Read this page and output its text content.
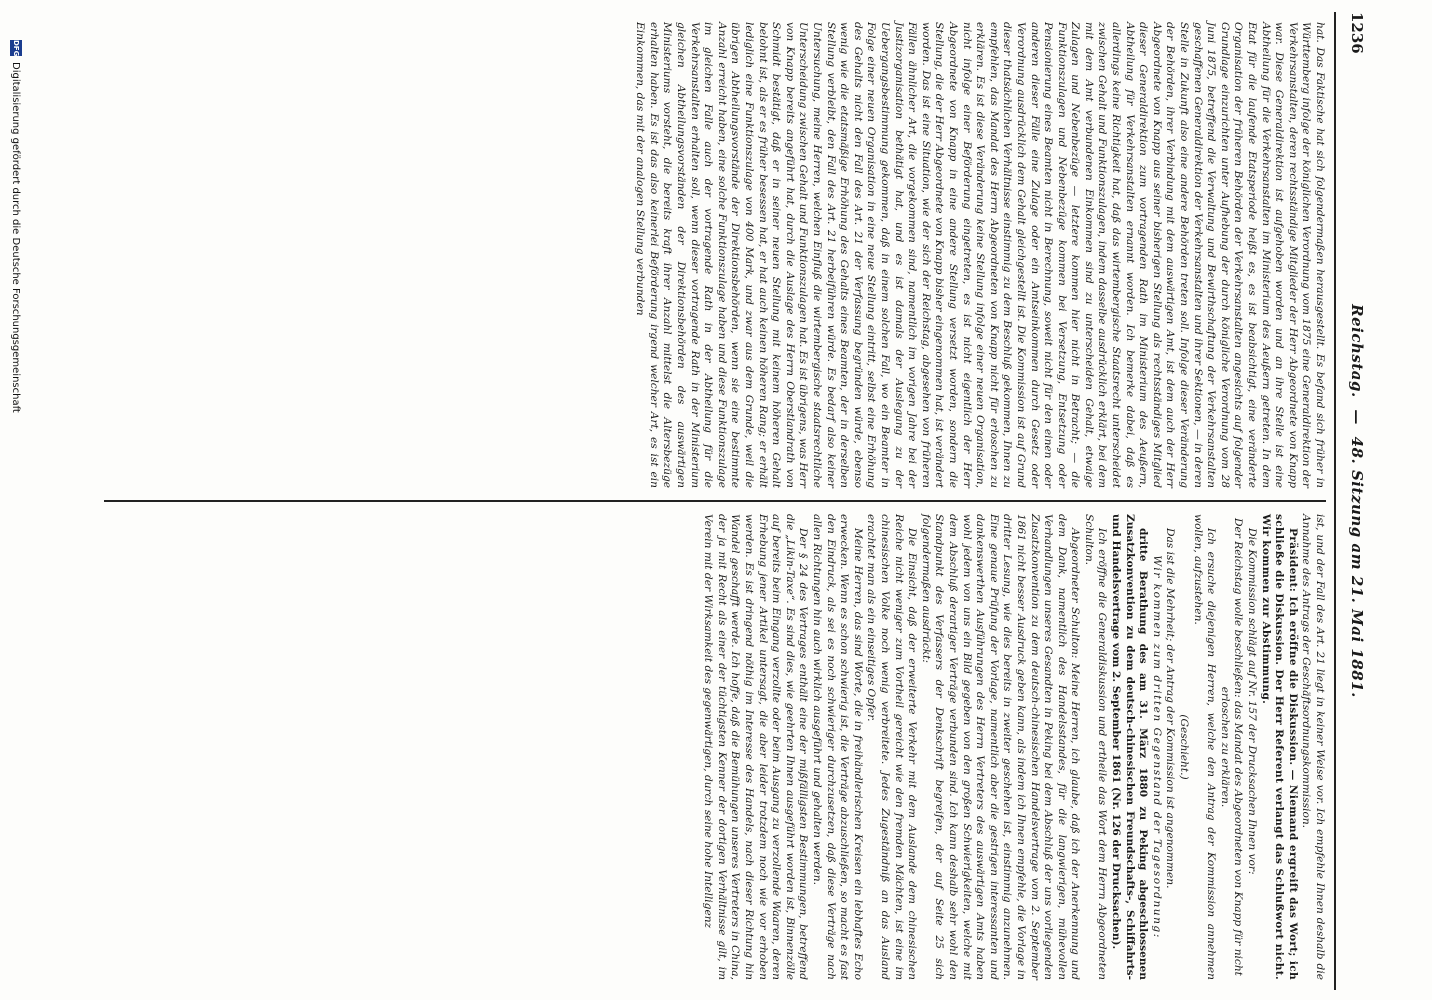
1236
Reichstag. — 48. Sitzung am 21. Mai 1881.

hat. Das Faktische hat sich folgendermaßen herausgestellt. Es befand sich früher in Württemberg infolge der königlichen Verordnung vom 1875 eine Generaldirektion der Verkehrsanstalten, deren rechtsständige Mitglieder der Herr Abgeordnete von Knapp war. Diese Generaldirektion ist aufgehoben worden und an ihre Stelle ist eine Abtheilung für die Verkehrsanstalten im Ministerium des Aeußern getreten. In dem Etat für die laufende Etatsperiode heißt es, es ist beabsichtigt, eine veränderte Organisation der früheren Behörden der Verkehrsanstalten angesichts auf folgender Grundlage einzurichten unter Aufhebung der durch königliche Verordnung vom 28 Juni 1875, betreffend die Verwaltung und Bewirthschaftung der Verkehrsanstalten geschaffenen Generaldirektion der Verkehrsanstalten und ihrer Sektionen, — in deren Stelle in Zukunft also eine andere Behörden treten soll. Infolge dieser Veränderung der Behörden, ihrer Verbindung mit dem auswärtigen Amt, ist dem auch der Herr Abgeordnete von Knapp aus seiner bisherigen Stellung als rechtsständiges Mitglied dieser Generaldirektion zum vortragenden Rath im Ministerium des Aeußern, Abtheilung für Verkehrsanstalten ernannt worden. Ich bemerke dabei, daß es allerdings keine Richtigkeit hat, daß das wirtembergische Staatsrecht unterscheidet zwischen Gehalt und Funktionszulagen, indem dasselbe ausdrücklich erklärt, bei dem mit dem Amt verbundenen Einkommen sind zu unterscheiden Gehalt, etwaige Zulagen und Nebenbezüge — letztere kommen hier nicht in Betracht; — die Funktionszulagen und Nebenbezüge kommen bei Versetzung, Entsetzung oder Pensionierung eines Beamten nicht in Berechnung, soweit nicht für den einen oder anderen dieser Fälle eine Zulage oder ein Amtseinkommen durch Gesetz oder Verordnung ausdrücklich dem Gehalt gleichgestellt ist. Die Kommission ist auf Grund dieser thatsächlichen Verhältnisse einstimmig zu dem Beschluß gekommen, Ihnen zu empfehlen, das Mandat des Herrn Abgeordneten von Knapp nicht für erloschen zu erklären. Es ist diese Veränderung keine Stellung infolge einer neuen Organisation, nicht infolge einer Beförderung eingetreten, es ist nicht eigentlich der Herr Abgeordnete von Knapp in eine andere Stellung versetzt worden, sondern die Stellung, die der Herr Abgeordnete von Knapp bisher eingenommen hat, ist verändert worden. Das ist eine Situation, wie der sich der Reichstag, abgesehen von früheren Fällen ähnlicher Art, die vorgekommen sind, namentlich im vorigen Jahre bei der Justizorganisation bethätigt hat, und es ist damals der Auslegung zu der Uebergangsbestimmung gekommen, daß in einem solchen Fall, wo ein Beamter in Folge einer neuen Organisation in eine neue Stellung eintritt, selbst eine Erhöhung des Gehalts nicht den Fall des Art. 21 der Verfassung begründen würde, ebenso wenig wie die etatsmäßige Erhöhung des Gehalts eines Beamten, der in derselben Stellung verbleibt, den Fall des Art. 21 herbeiführen würde. Es bedarf also keiner Untersuchung, meine Herren, welchen Einfluß die wirtembergische staatsrechtliche Unterscheidung zwischen Gehalt und Funktionszulagen hat. Es ist übrigens, was Herr von Knapp bereits angeführt hat, durch die Auslage des Herrn Oberstlandrath von Schmidt bestätigt, daß er in seiner neuen Stellung mit keinem höheren Gehalt belohnt ist, als er es früher besessen hat, er hat auch keinen höheren Rang; er erhält lediglich eine Funktionszulage von 400 Mark, und zwar aus dem Grunde, weil die übrigen Abtheilungsvorstände der Direktionsbehörden, wenn sie eine bestimmte Anzahl erreicht haben, eine solche Funktionszulage haben und diese Funktionszulage im gleichen Falle auch der vortragende Rath in der Abtheilung für die Verkehrsanstalten erhalten soll, wenn dieser vortragende Rath in der Ministerium gleichen Abtheilungsvorständen der Direktionsbehörden des auswärtigen Ministeriums vorsteht, die bereits kraft ihrer Anzahl mittelst die Altersbezüge erhalten haben. Es ist das also keinerlei Beförderung irgend welcher Art, es ist ein Einkommen, das mit der analogen Stellung verbunden

ist, und der Fall des Art. 21 liegt in keiner Weise vor. Ich empfehle Ihnen deshalb die Annahme des Antrags der Geschäftsordnungskommission.

Präsident: Ich eröffne die Diskussion. — Niemand ergreift das Wort; ich schließe die Diskussion. Der Herr Referent verlangt das Schlußwort nicht. Wir kommen zur Abstimmung.

Die Kommission schlägt auf Nr. 157 der Drucksachen Ihnen vor:

Der Reichstag wolle beschließen: das Mandat des Abgeordneten von Knapp für nicht erloschen zu erklären.

Ich ersuche diejenigen Herren, welche den Antrag der Kommission annehmen wollen, aufzustehen.

(Geschieht.)

Das ist die Mehrheit; der Antrag der Kommission ist angenommen.

Wir kommen zum dritten Gegenstand der Tagesordnung:

dritte Berathung des am 31. März 1880 zu Peking abgeschlossenen Zusatzkonvention zu dem deutsch-chinesischen Freundschafts-, Schiffahrts- und Handelsvertrage vom 2. September 1861 (Nr. 126 der Drucksachen).

Ich eröffne die Generaldiskussion und ertheile das Wort dem Herrn Abgeordneten Schulton.

Abgeordneter Schulton: Meine Herren, ich glaube, daß ich der Anerkennung und dem Dank, namentlich des Handelsstandes, für die langwierigen, mühevollen Verhandlungen unseres Gesandten in Peking bei dem Abschluß der uns vorliegenden Zusatzkonvention zu dem deutsch-chinesischen Handelsvertrage vom 2. September 1861 nicht besser Ausdruck geben kann, als indem ich Ihnen empfehle, die Vorlage in dritter Lesung, wie dies bereits in zweiter geschehen ist, einstimmig anzunehmen. Eine genaue Prüfung der Vorlage, namentlich aber die gestrigen interessanten und dankenswerthen Ausführungen des Herrn Vertreters des auswärtigen Amts haben wohl jedem von uns ein Bild gegeben von den großen Schwierigkeiten, welche mit dem Abschluß derartiger Verträge verbunden sind. Ich kann deshalb sehr wohl den Standpunkt des Verfassers der Denkschrift begreifen, der auf Seite 25 sich folgendermaßen ausdrückt:

Die Einsicht, daß der erweiterte Verkehr mit dem Auslande dem chinesischen Reiche nicht weniger zum Vortheil gereicht wie den fremden Mächten, ist eine im chinesischen Volke noch wenig verbreitete. Jedes Zugeständniß an das Ausland erachtet man als ein einseitiges Opfer.

Meine Herren, das sind Worte, die in freihändlerischen Kreisen ein lebhaftes Echo erwecken. Wenn es schon schwierig ist, die Verträge abzuschließen, so macht es fast den Eindruck, als sei es noch schwieriger durchzusetzen, daß diese Verträge nach allen Richtungen hin auch wirklich ausgeführt und gehalten werden.

Der § 24 des Vertrages enthält eine der mißfälligsten Bestimmungen, betreffend die „Likin-Taxe“. Es sind dies, wie geehrten Ihnen ausgeführt worden ist, Binnenzölle auf bereits beim Eingang verzollte oder beim Ausgang zu verzollende Waaren, deren Erhebung jener Artikel untersagt, die aber leider trotzdem noch wie vor erhoben werden. Es ist dringend nöthig im Interesse des Handels, nach dieser Richtung hin Wandel geschafft werde. Ich hoffe, daß die Bemühungen unseres Vertreters in China, der ja mit Recht als einer der tüchtigsten Kenner der dortigen Verhältnisse gilt, im Verein mit der Wirksamkeit des gegenwärtigen, durch seine hohe Intelligenz

DFG
Digitalisierung gefördert durch die Deutsche Forschungsgemeinschaft
